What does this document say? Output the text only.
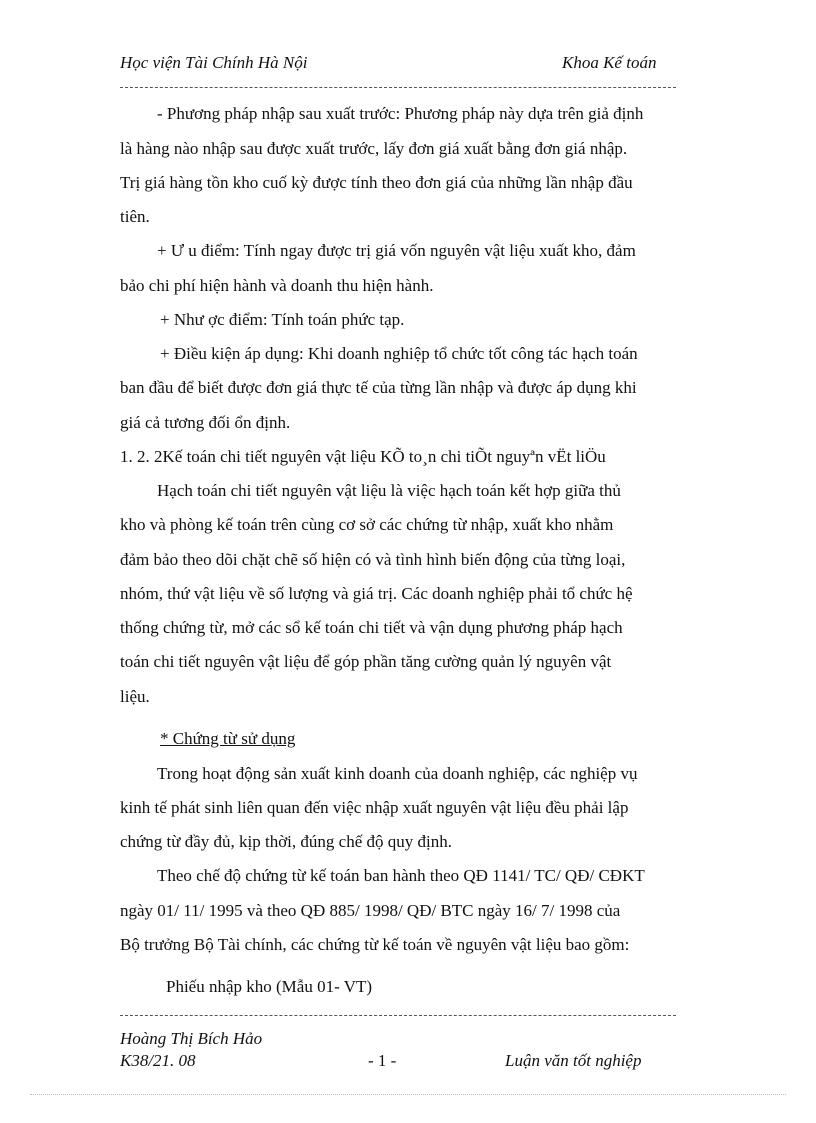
Học viện Tài Chính Hà Nội	Khoa Kế toán
- Phương pháp nhập sau xuất trước: Phương pháp này dựa trên giả định
là hàng nào nhập sau được xuất trước, lấy đơn giá xuất bằng đơn giá nhập.
Trị giá hàng tồn kho cuố kỳ được tính theo đơn giá của những lần nhập đầu
tiên.
+ Ư u điểm: Tính ngay được trị giá vốn nguyên vật liệu xuất kho, đảm
bảo chi phí hiện hành và doanh thu hiện hành.
+ Như ợc điểm: Tính toán phức tạp.
+ Điều kiện áp dụng: Khi doanh nghiệp tổ chức tốt công tác hạch toán
ban đầu để biết được đơn giá thực tế của từng lần nhập và được áp dụng khi
giá cả tương đối ổn định.
1. 2. 2Kế toán chi tiết nguyên vật liệu KÕ to¸n chi tiÕt nguyªn vËt liÖu
Hạch toán chi tiết nguyên vật liệu là việc hạch toán kết hợp giữa thủ
kho và phòng kế toán trên cùng cơ sở các chứng từ nhập, xuất kho nhằm
đảm bảo theo dõi chặt chẽ số hiện có và tình hình biến động của từng loại,
nhóm, thứ vật liệu về số lượng và giá trị. Các doanh nghiệp phải tổ chức hệ
thống chứng từ, mở các sổ kế toán chi tiết và vận dụng phương pháp hạch
toán chi tiết nguyên vật liệu để góp phần tăng cường quản lý nguyên vật
liệu.
* Chứng từ sử dụng
Trong hoạt động sản xuất kinh doanh của doanh nghiệp, các nghiệp vụ
kinh tế phát sinh liên quan đến việc nhập xuất nguyên vật liệu đều phải lập
chứng từ đầy đủ, kịp thời, đúng chế độ quy định.
Theo chế độ chứng từ kế toán ban hành theo QĐ 1141/ TC/ QĐ/ CĐKT
ngày 01/ 11/ 1995 và theo QĐ 885/ 1998/ QĐ/ BTC ngày 16/ 7/ 1998 của
Bộ trưởng Bộ Tài chính, các chứng từ kế toán về nguyên vật liệu bao gồm:
Phiếu nhập kho (Mẫu 01- VT)
Hoàng Thị Bích Hảo
K38/21. 08	- 1 -	Luận văn tốt nghiệp
